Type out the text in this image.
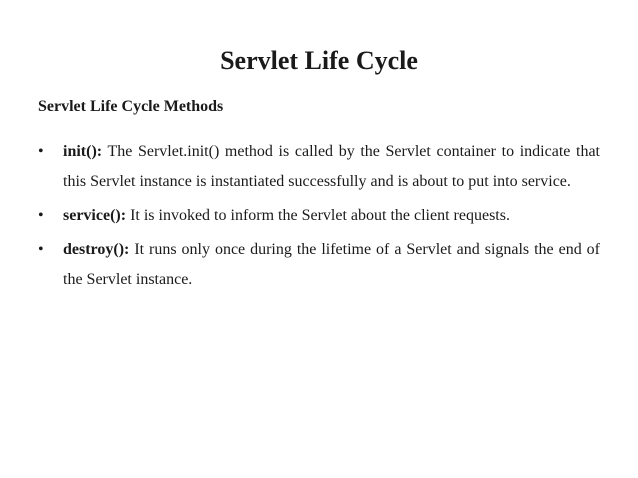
Servlet Life Cycle
Servlet Life Cycle Methods
•	init(): The Servlet.init() method is called by the Servlet container to indicate that this Servlet instance is instantiated successfully and is about to put into service.
•	service(): It is invoked to inform the Servlet about the client requests.
•	destroy(): It runs only once during the lifetime of a Servlet and signals the end of the Servlet instance.
